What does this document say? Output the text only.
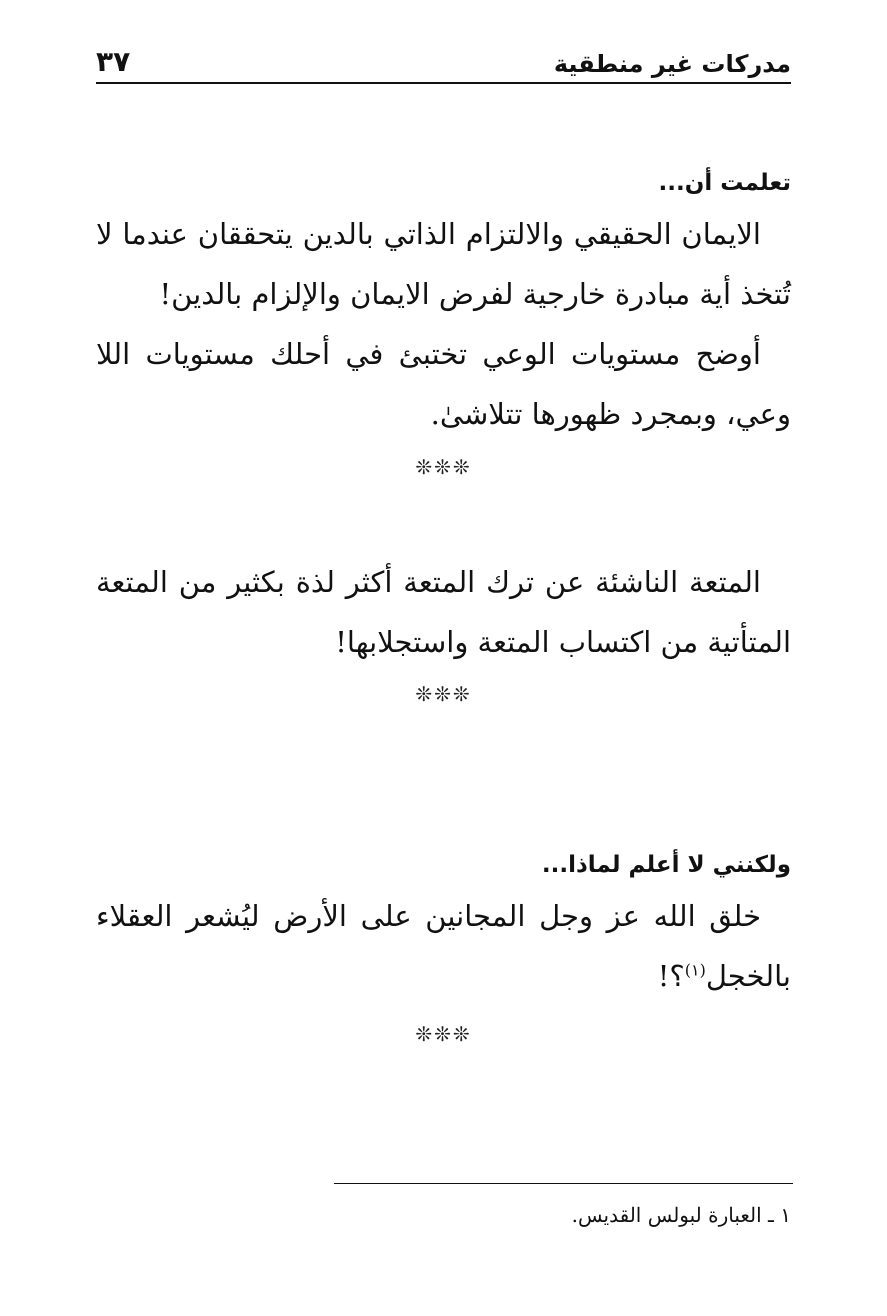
مدركات غير منطقية
٣٧
تعلمت أن...

الايمان الحقيقي والالتزام الذاتي بالدين يتحققان عندما لا تُتخذ أية مبادرة خارجية لفرض الايمان والإلزام بالدين!

أوضح مستويات الوعي تختبئ في أحلك مستويات اللا وعي، وبمجرد ظهورها تتلاشىٰ.

❊❊❊

المتعة الناشئة عن ترك المتعة أكثر لذة بكثير من المتعة المتأتية من اكتساب المتعة واستجلابها!

❊❊❊
ولكنني لا أعلم لماذا...

خلق الله عز وجل المجانين على الأرض ليُشعر العقلاء بالخجل$^{(١)}$؟!

❊❊❊
١ ـ العبارة لبولس القديس.
